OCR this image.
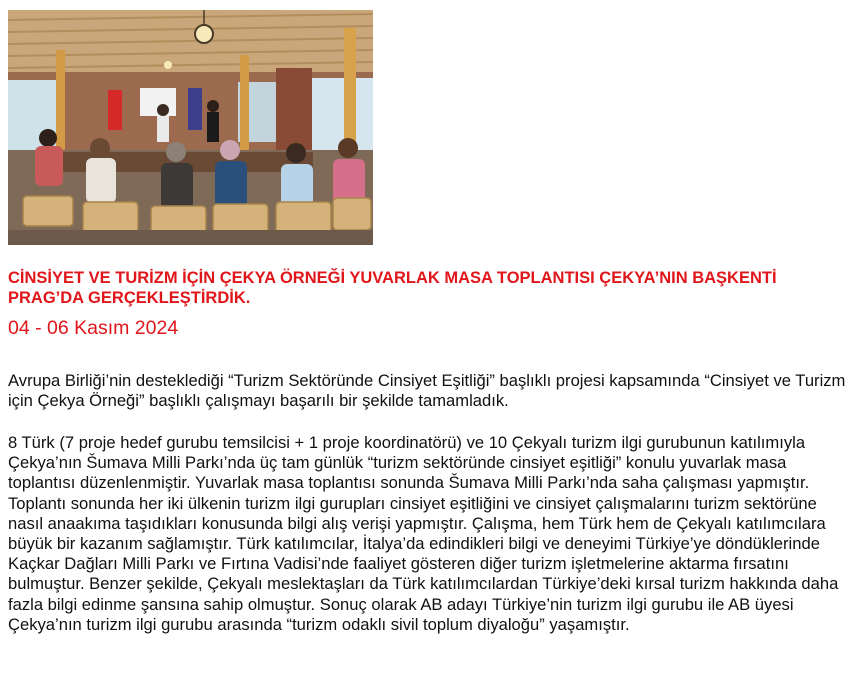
CİNSİYET VE TURİZM İÇİN ÇEKYA ÖRNEĞİ YUVARLAK MASA TOPLANTISI ÇEKYA’NIN BAŞKENTİ PRAG’DA GERÇEKLEŞTİRDİK.

04 - 06 Kasım 2024

Avrupa Birliği’nin desteklediği “Turizm Sektöründe Cinsiyet Eşitliği” başlıklı projesi kapsamında “Cinsiyet ve Turizm için Çekya Örneği” başlıklı çalışmayı başarılı bir şekilde tamamladık.

8 Türk (7 proje hedef gurubu temsilcisi + 1 proje koordinatörü) ve 10 Çekyalı turizm ilgi gurubunun katılımıyla Çekya’nın Šumava Milli Parkı’nda üç tam günlük “turizm sektöründe cinsiyet eşitliği” konulu yuvarlak masa toplantısı düzenlenmiştir. Yuvarlak masa toplantısı sonunda Šumava Milli Parkı’nda saha çalışması yapmıştır. Toplantı sonunda her iki ülkenin turizm ilgi gurupları cinsiyet eşitliğini ve cinsiyet çalışmalarını turizm sektörüne nasıl anaakıma taşıdıkları konusunda bilgi alış verişi yapmıştır. Çalışma, hem Türk hem de Çekyalı katılımcılara büyük bir kazanım sağlamıştır. Türk katılımcılar, İtalya’da edindikleri bilgi ve deneyimi Türkiye’ye döndüklerinde Kaçkar Dağları Milli Parkı ve Fırtına Vadisi’nde faaliyet gösteren diğer turizm işletmelerine aktarma fırsatını bulmuştur. Benzer şekilde, Çekyalı meslektaşları da Türk katılımcılardan Türkiye’deki kırsal turizm hakkında daha fazla bilgi edinme şansına sahip olmuştur. Sonuç olarak AB adayı Türkiye’nin turizm ilgi gurubu ile AB üyesi Çekya’nın turizm ilgi gurubu arasında “turizm odaklı sivil toplum diyaloğu” yaşamıştır.
